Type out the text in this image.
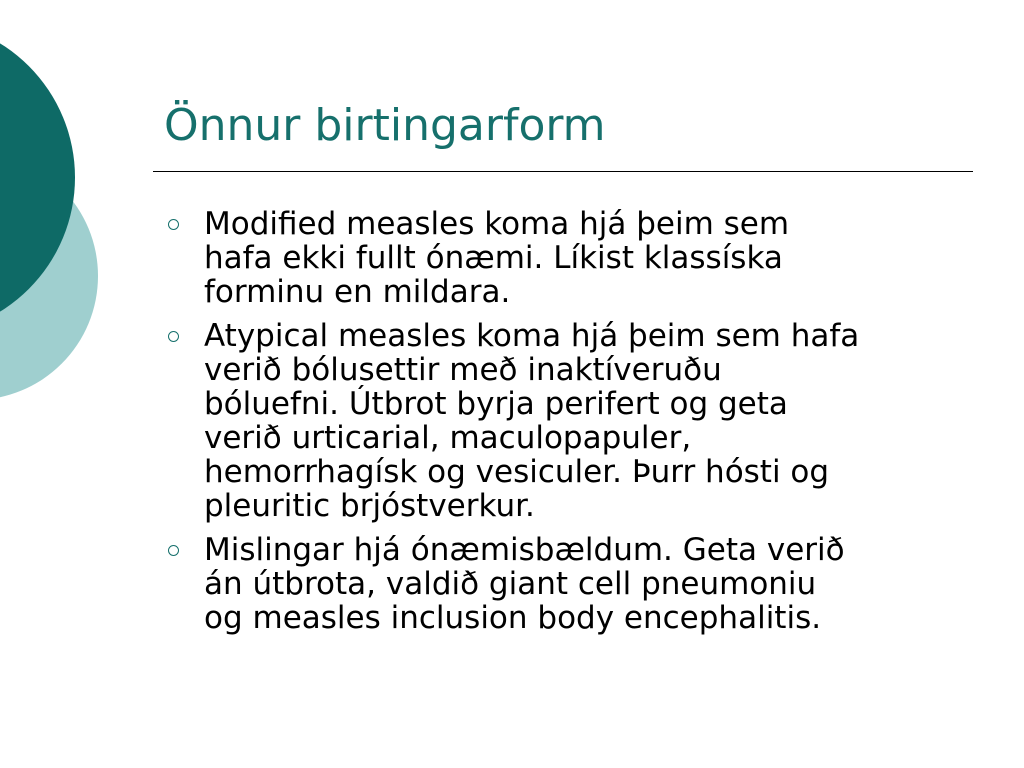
Önnur birtingarform
Modified measles koma hjá þeim sem
hafa ekki fullt ónæmi. Líkist klassíska
forminu en mildara.
Atypical measles koma hjá þeim sem hafa
verið bólusettir með inaktíveruðu
bóluefni. Útbrot byrja perifert og geta
verið urticarial, maculopapuler,
hemorrhagísk og vesiculer. Þurr hósti og
pleuritic brjóstverkur.
Mislingar hjá ónæmisbældum. Geta verið
án útbrota, valdið giant cell pneumoniu
og measles inclusion body encephalitis.
